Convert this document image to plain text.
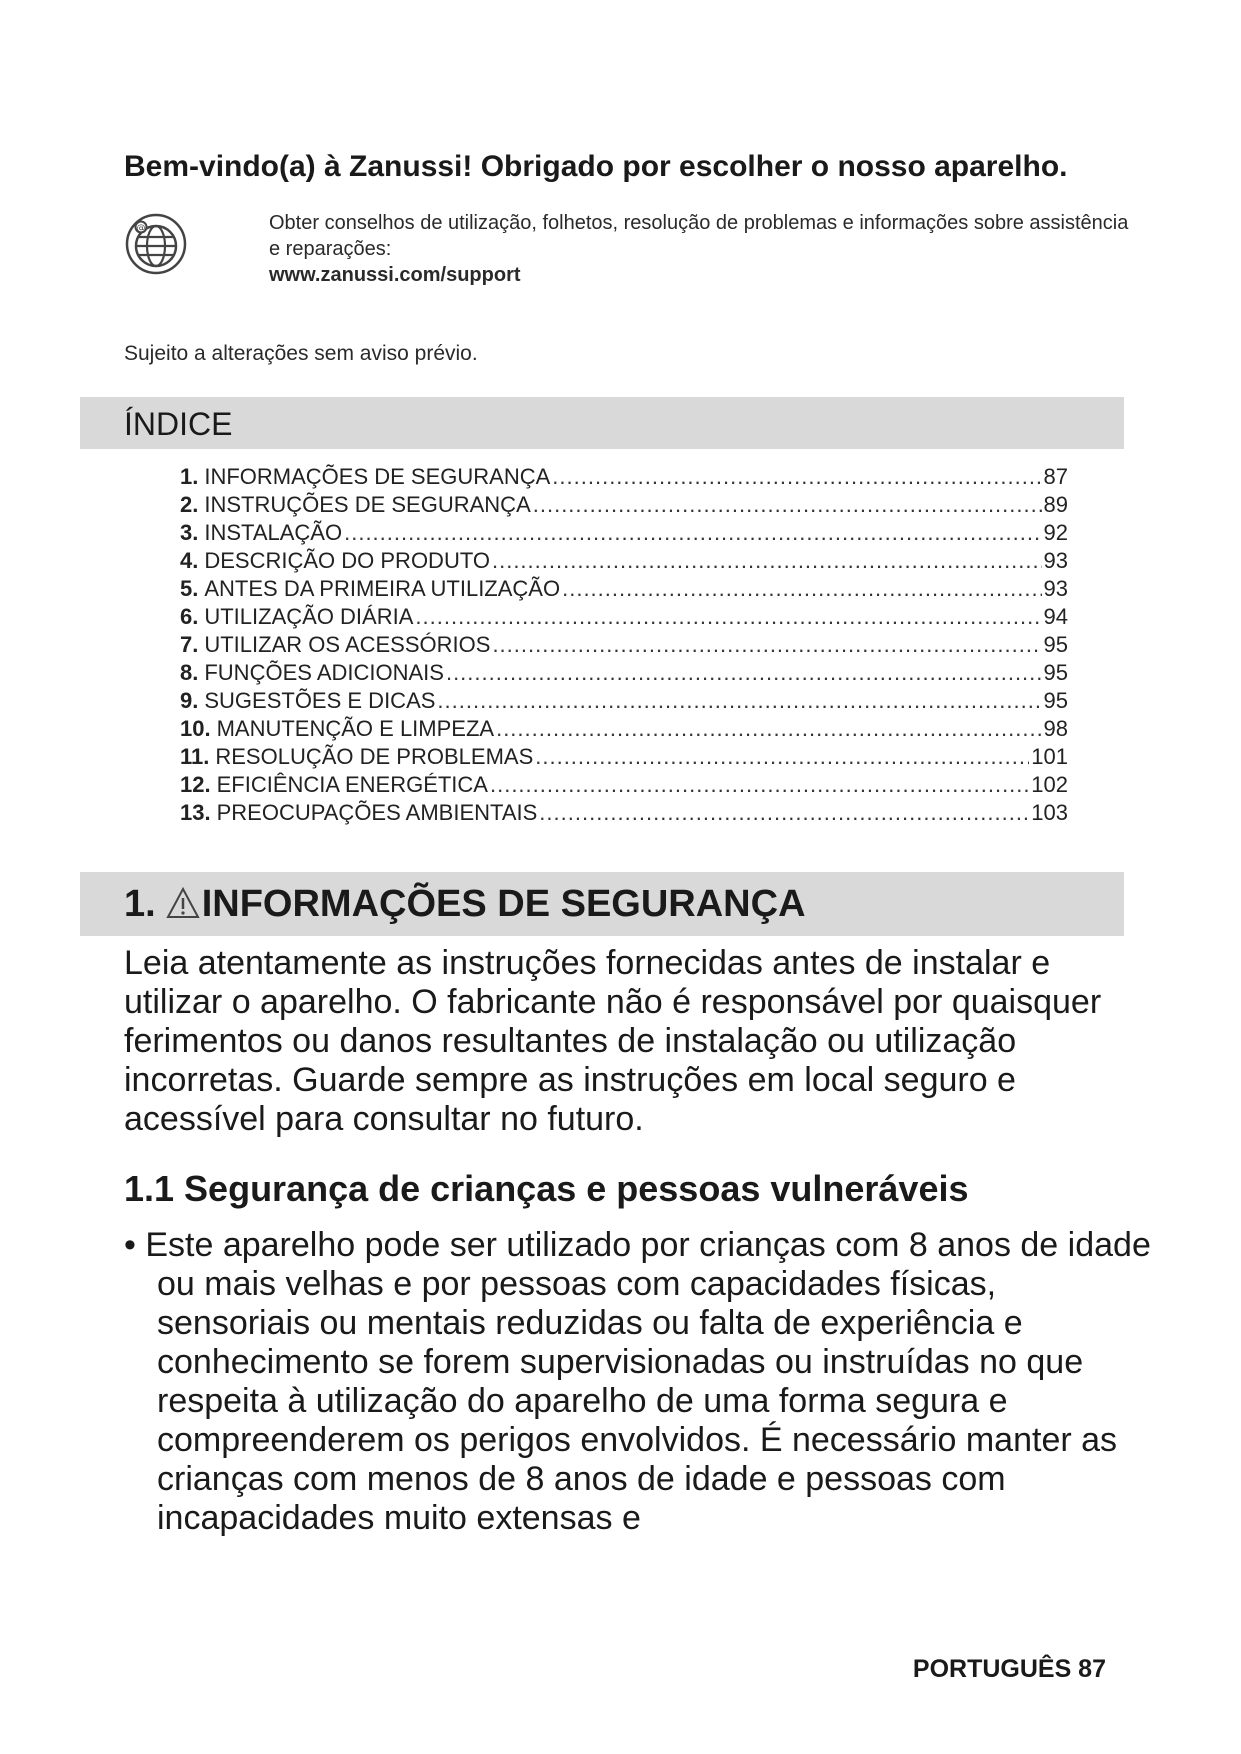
Bem-vindo(a) à Zanussi! Obrigado por escolher o nosso aparelho.
@	Obter conselhos de utilização, folhetos, resolução de problemas e informações sobre assistência e reparações:
www.zanussi.com/support
Sujeito a alterações sem aviso prévio.
ÍNDICE
1. INFORMAÇÕES DE SEGURANÇA .....	87
2. INSTRUÇÕES DE SEGURANÇA .....	89
3. INSTALAÇÃO .....	92
4. DESCRIÇÃO DO PRODUTO .....	93
5. ANTES DA PRIMEIRA UTILIZAÇÃO .....	93
6. UTILIZAÇÃO DIÁRIA .....	94
7. UTILIZAR OS ACESSÓRIOS .....	95
8. FUNÇÕES ADICIONAIS .....	95
9. SUGESTÕES E DICAS .....	95
10. MANUTENÇÃO E LIMPEZA .....	98
11. RESOLUÇÃO DE PROBLEMAS .....	101
12. EFICIÊNCIA ENERGÉTICA .....	102
13. PREOCUPAÇÕES AMBIENTAIS .....	103
1. INFORMAÇÕES DE SEGURANÇA

Leia atentamente as instruções fornecidas antes de instalar e utilizar o aparelho. O fabricante não é responsável por quaisquer ferimentos ou danos resultantes de instalação ou utilização incorretas. Guarde sempre as instruções em local seguro e acessível para consultar no futuro.

1.1 Segurança de crianças e pessoas vulneráveis

• Este aparelho pode ser utilizado por crianças com 8 anos de idade ou mais velhas e por pessoas com capacidades físicas, sensoriais ou mentais reduzidas ou falta de experiência e conhecimento se forem supervisionadas ou instruídas no que respeita à utilização do aparelho de uma forma segura e compreenderem os perigos envolvidos. É necessário manter as crianças com menos de 8 anos de idade e pessoas com incapacidades muito extensas e

PORTUGUÊS 87
